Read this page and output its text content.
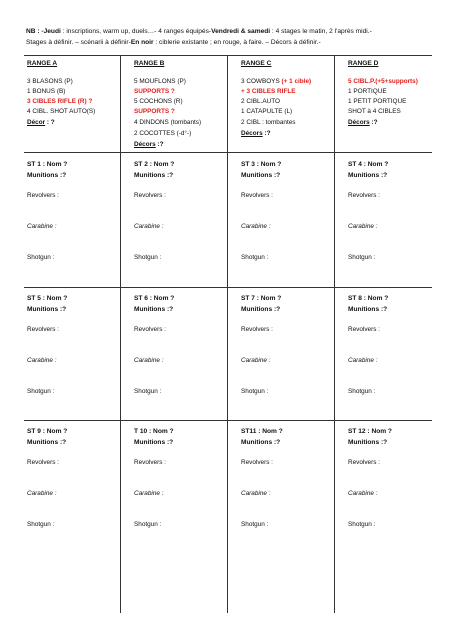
NB : -Jeudi : inscriptions, warm up, duels…- 4 ranges équipés-Vendredi & samedi : 4 stages le matin, 2 l'après midi.-
Stages à définir. – scénarii à définir-En noir : ciblerie existante ; en rouge, à faire. – Décors à définir.-
RANGE A
3 BLASONS (P)
1 BONUS (B)
3 CIBLES RIFLE (R) ?
4 CIBL. SHOT AUTO(S)
Décor : ?
RANGE B
5 MOUFLONS (P)
SUPPORTS ?
5 COCHONS (R)
SUPPORTS ?
4 DINDONS (tombants)
2 COCOTTES (-d°-)
Décors :?
RANGE C
3 COWBOYS (+ 1 cible)
+ 3 CIBLES RIFLE
2 CIBL.AUTO
1 CATAPULTE (L)
2 CIBL : tombantes
Décors :?
RANGE D
5 CIBL.P.(+5+supports)
1 PORTIQUE
1 PETIT PORTIQUE
SHOT à 4 CIBLES
Décors :?
ST 1 : Nom ?
Munitions :?
Revolvers :
Carabine :
Shotgun :
ST 2 : Nom ?
Munitions :?
Revolvers :
Carabine :
Shotgun :
ST 3 : Nom ?
Munitions :?
Revolvers :
Carabine :
Shotgun :
ST 4 : Nom ?
Munitions :?
Revolvers :
Carabine :
Shotgun :
ST 5 : Nom ?
Munitions :?
Revolvers :
Carabine :
Shotgun :
ST 6 : Nom ?
Munitions :?
Revolvers :
Carabine :
Shotgun :
ST 7 : Nom ?
Munitions :?
Revolvers :
Carabine :
Shotgun :
ST 8 : Nom ?
Munitions :?
Revolvers :
Carabine :
Shotgun :
ST 9 : Nom ?
Munitions :?
Revolvers :
Carabine :
Shotgun :
T 10 : Nom ?
Munitions :?
Revolvers :
Carabine :
Shotgun :
ST11 : Nom ?
Munitions :?
Revolvers :
Carabine :
Shotgun :
ST 12 : Nom ?
Munitions :?
Revolvers :
Carabine :
Shotgun :
